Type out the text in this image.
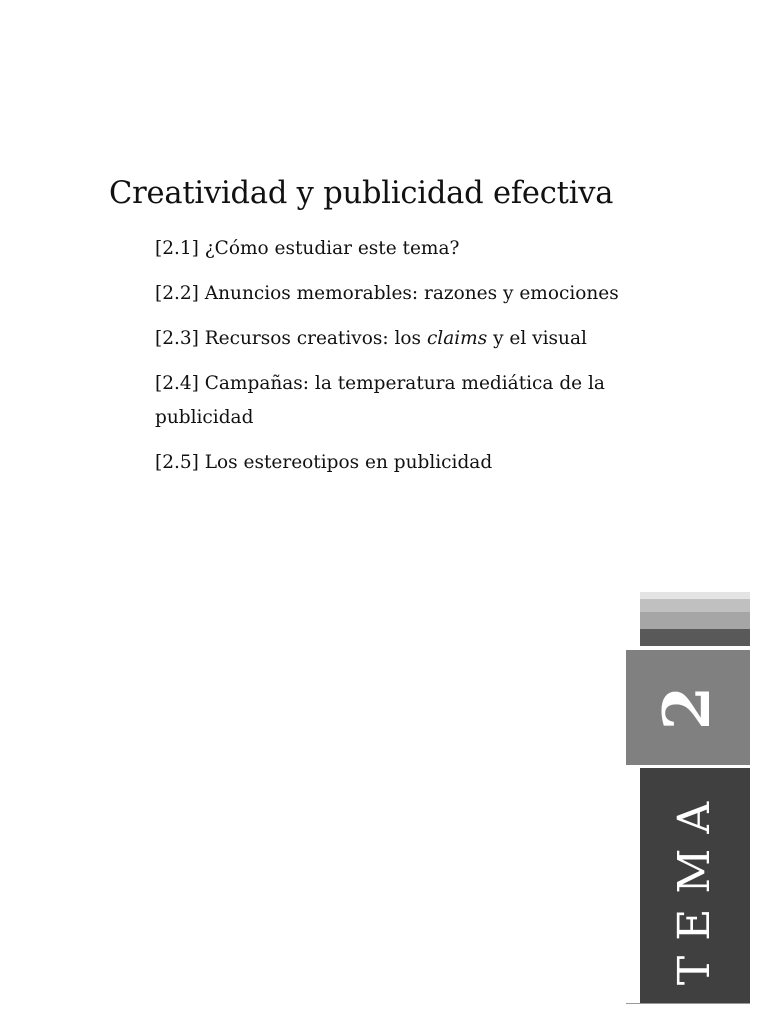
Creatividad y publicidad efectiva
[2.1] ¿Cómo estudiar este tema?
[2.2] Anuncios memorables: razones y emociones
[2.3] Recursos creativos: los claims y el visual
[2.4] Campañas: la temperatura mediática de la publicidad
[2.5] Los estereotipos en publicidad
2
TEMA
